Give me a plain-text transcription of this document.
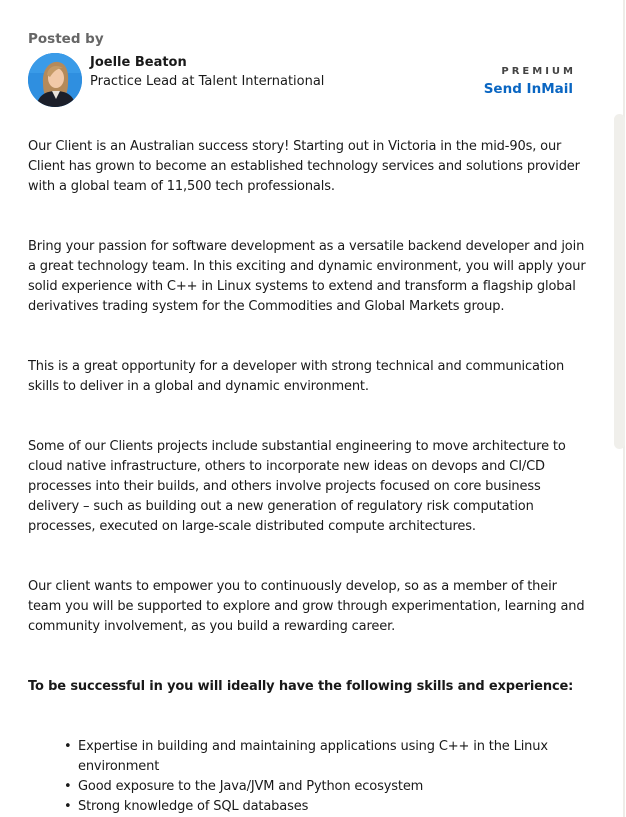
Posted by
Joelle Beaton
Practice Lead at Talent International
PREMIUM
Send InMail

Our Client is an Australian success story! Starting out in Victoria in the mid-90s, our Client has grown to become an established technology services and solutions provider with a global team of 11,500 tech professionals.

Bring your passion for software development as a versatile backend developer and join a great technology team. In this exciting and dynamic environment, you will apply your solid experience with C++ in Linux systems to extend and transform a flagship global derivatives trading system for the Commodities and Global Markets group.

This is a great opportunity for a developer with strong technical and communication skills to deliver in a global and dynamic environment.

Some of our Clients projects include substantial engineering to move architecture to cloud native infrastructure, others to incorporate new ideas on devops and CI/CD processes into their builds, and others involve projects focused on core business delivery – such as building out a new generation of regulatory risk computation processes, executed on large-scale distributed compute architectures.

Our client wants to empower you to continuously develop, so as a member of their team you will be supported to explore and grow through experimentation, learning and community involvement, as you build a rewarding career.

To be successful in you will ideally have the following skills and experience:

• Expertise in building and maintaining applications using C++ in the Linux environment
• Good exposure to the Java/JVM and Python ecosystem
• Strong knowledge of SQL databases
